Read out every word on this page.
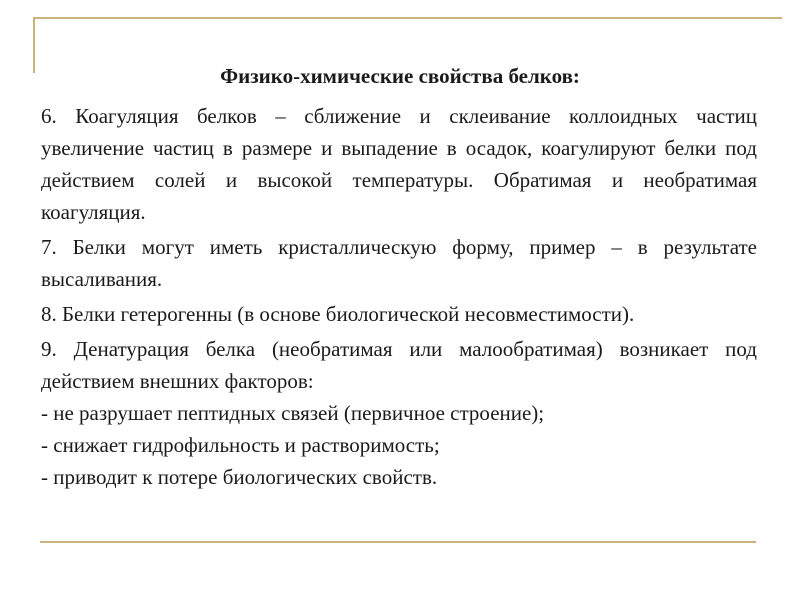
Физико-химические свойства белков:

6. Коагуляция белков – сближение и склеивание коллоидных частиц увеличение частиц в размере и выпадение в осадок, коагулируют белки под действием солей и высокой температуры. Обратимая и необратимая коагуляция.

7. Белки могут иметь кристаллическую форму, пример – в результате высаливания.

8. Белки гетерогенны (в основе биологической несовместимости).

9. Денатурация белка (необратимая или малообратимая) возникает под действием внешних факторов:

- не разрушает пептидных связей (первичное строение);

- снижает гидрофильность и растворимость;

- приводит к потере биологических свойств.
